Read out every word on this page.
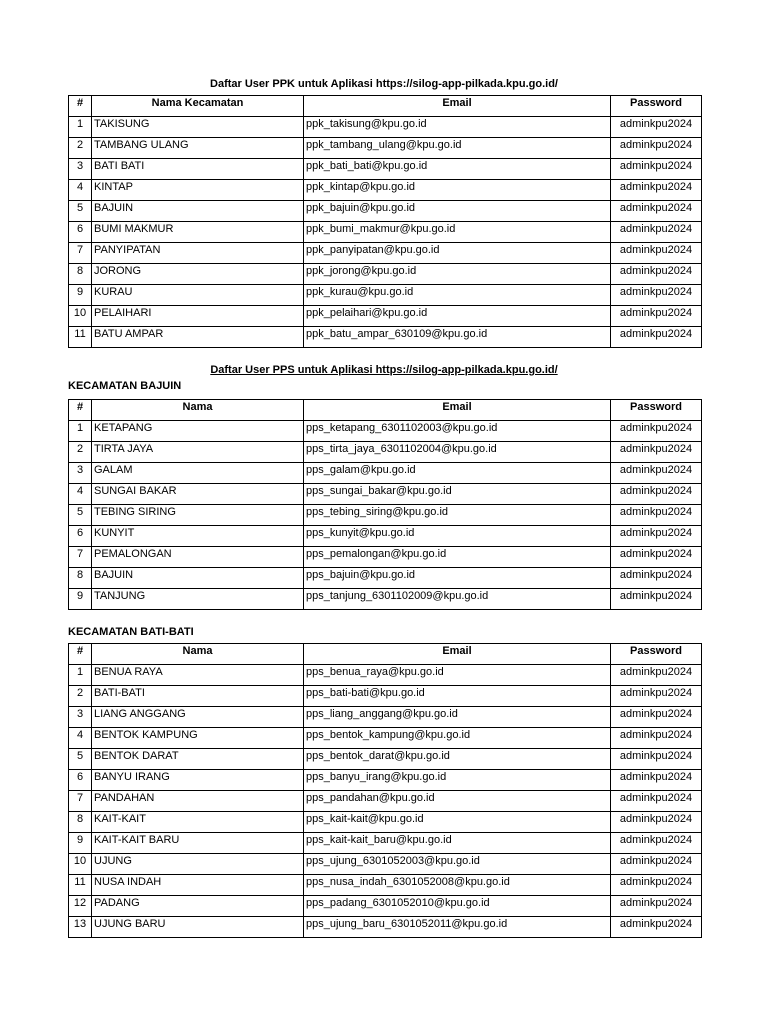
Daftar User PPK untuk Aplikasi https://silog-app-pilkada.kpu.go.id/
#	Nama Kecamatan	Email	Password
1	TAKISUNG	ppk_takisung@kpu.go.id	adminkpu2024
2	TAMBANG ULANG	ppk_tambang_ulang@kpu.go.id	adminkpu2024
3	BATI BATI	ppk_bati_bati@kpu.go.id	adminkpu2024
4	KINTAP	ppk_kintap@kpu.go.id	adminkpu2024
5	BAJUIN	ppk_bajuin@kpu.go.id	adminkpu2024
6	BUMI MAKMUR	ppk_bumi_makmur@kpu.go.id	adminkpu2024
7	PANYIPATAN	ppk_panyipatan@kpu.go.id	adminkpu2024
8	JORONG	ppk_jorong@kpu.go.id	adminkpu2024
9	KURAU	ppk_kurau@kpu.go.id	adminkpu2024
10	PELAIHARI	ppk_pelaihari@kpu.go.id	adminkpu2024
11	BATU AMPAR	ppk_batu_ampar_630109@kpu.go.id	adminkpu2024
Daftar User PPS untuk Aplikasi https://silog-app-pilkada.kpu.go.id/
KECAMATAN BAJUIN
#	Nama	Email	Password
1	KETAPANG	pps_ketapang_6301102003@kpu.go.id	adminkpu2024
2	TIRTA JAYA	pps_tirta_jaya_6301102004@kpu.go.id	adminkpu2024
3	GALAM	pps_galam@kpu.go.id	adminkpu2024
4	SUNGAI BAKAR	pps_sungai_bakar@kpu.go.id	adminkpu2024
5	TEBING SIRING	pps_tebing_siring@kpu.go.id	adminkpu2024
6	KUNYIT	pps_kunyit@kpu.go.id	adminkpu2024
7	PEMALONGAN	pps_pemalongan@kpu.go.id	adminkpu2024
8	BAJUIN	pps_bajuin@kpu.go.id	adminkpu2024
9	TANJUNG	pps_tanjung_6301102009@kpu.go.id	adminkpu2024
KECAMATAN BATI-BATI
#	Nama	Email	Password
1	BENUA RAYA	pps_benua_raya@kpu.go.id	adminkpu2024
2	BATI-BATI	pps_bati-bati@kpu.go.id	adminkpu2024
3	LIANG ANGGANG	pps_liang_anggang@kpu.go.id	adminkpu2024
4	BENTOK KAMPUNG	pps_bentok_kampung@kpu.go.id	adminkpu2024
5	BENTOK DARAT	pps_bentok_darat@kpu.go.id	adminkpu2024
6	BANYU IRANG	pps_banyu_irang@kpu.go.id	adminkpu2024
7	PANDAHAN	pps_pandahan@kpu.go.id	adminkpu2024
8	KAIT-KAIT	pps_kait-kait@kpu.go.id	adminkpu2024
9	KAIT-KAIT BARU	pps_kait-kait_baru@kpu.go.id	adminkpu2024
10	UJUNG	pps_ujung_6301052003@kpu.go.id	adminkpu2024
11	NUSA INDAH	pps_nusa_indah_6301052008@kpu.go.id	adminkpu2024
12	PADANG	pps_padang_6301052010@kpu.go.id	adminkpu2024
13	UJUNG BARU	pps_ujung_baru_6301052011@kpu.go.id	adminkpu2024
